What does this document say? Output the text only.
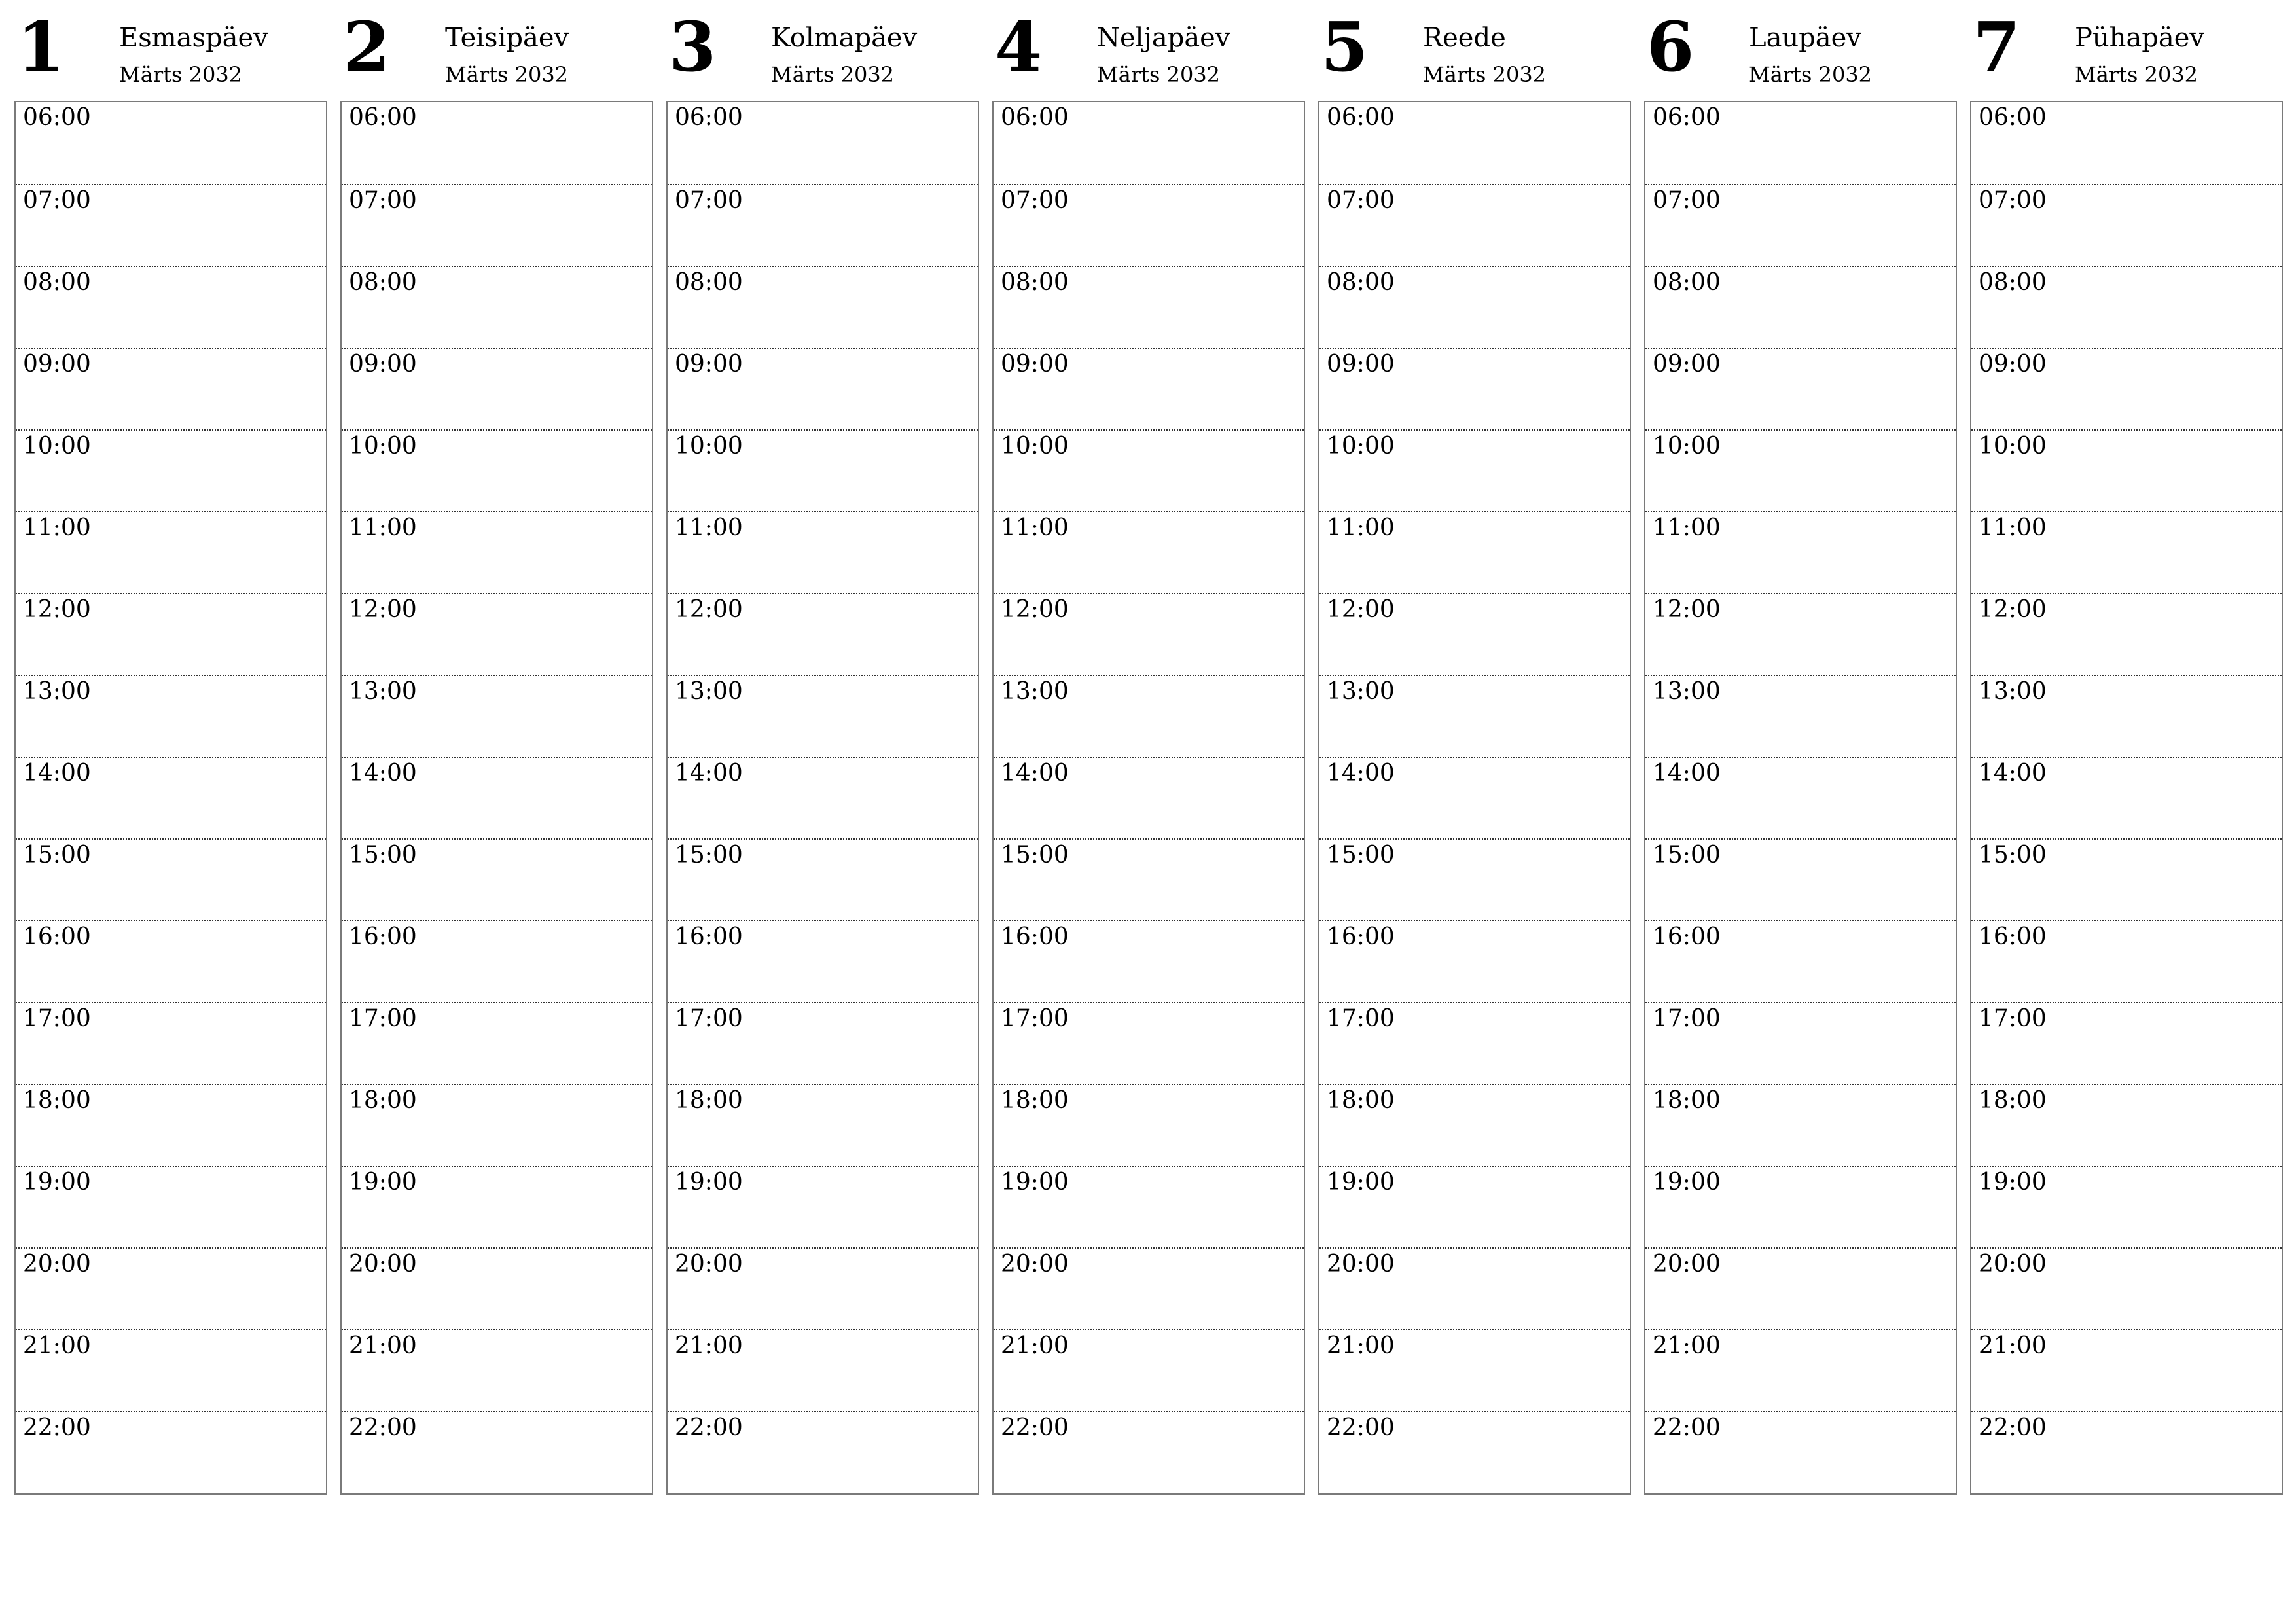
1 Esmaspäev
Märts 2032
06:00
07:00
08:00
09:00
10:00
11:00
12:00
13:00
14:00
15:00
16:00
17:00
18:00
19:00
20:00
21:00
22:00
2 Teisipäev
Märts 2032
06:00
07:00
08:00
09:00
10:00
11:00
12:00
13:00
14:00
15:00
16:00
17:00
18:00
19:00
20:00
21:00
22:00
3 Kolmapäev
Märts 2032
06:00
07:00
08:00
09:00
10:00
11:00
12:00
13:00
14:00
15:00
16:00
17:00
18:00
19:00
20:00
21:00
22:00
4 Neljapäev
Märts 2032
06:00
07:00
08:00
09:00
10:00
11:00
12:00
13:00
14:00
15:00
16:00
17:00
18:00
19:00
20:00
21:00
22:00
5 Reede
Märts 2032
06:00
07:00
08:00
09:00
10:00
11:00
12:00
13:00
14:00
15:00
16:00
17:00
18:00
19:00
20:00
21:00
22:00
6 Laupäev
Märts 2032
06:00
07:00
08:00
09:00
10:00
11:00
12:00
13:00
14:00
15:00
16:00
17:00
18:00
19:00
20:00
21:00
22:00
7 Pühapäev
Märts 2032
06:00
07:00
08:00
09:00
10:00
11:00
12:00
13:00
14:00
15:00
16:00
17:00
18:00
19:00
20:00
21:00
22:00
